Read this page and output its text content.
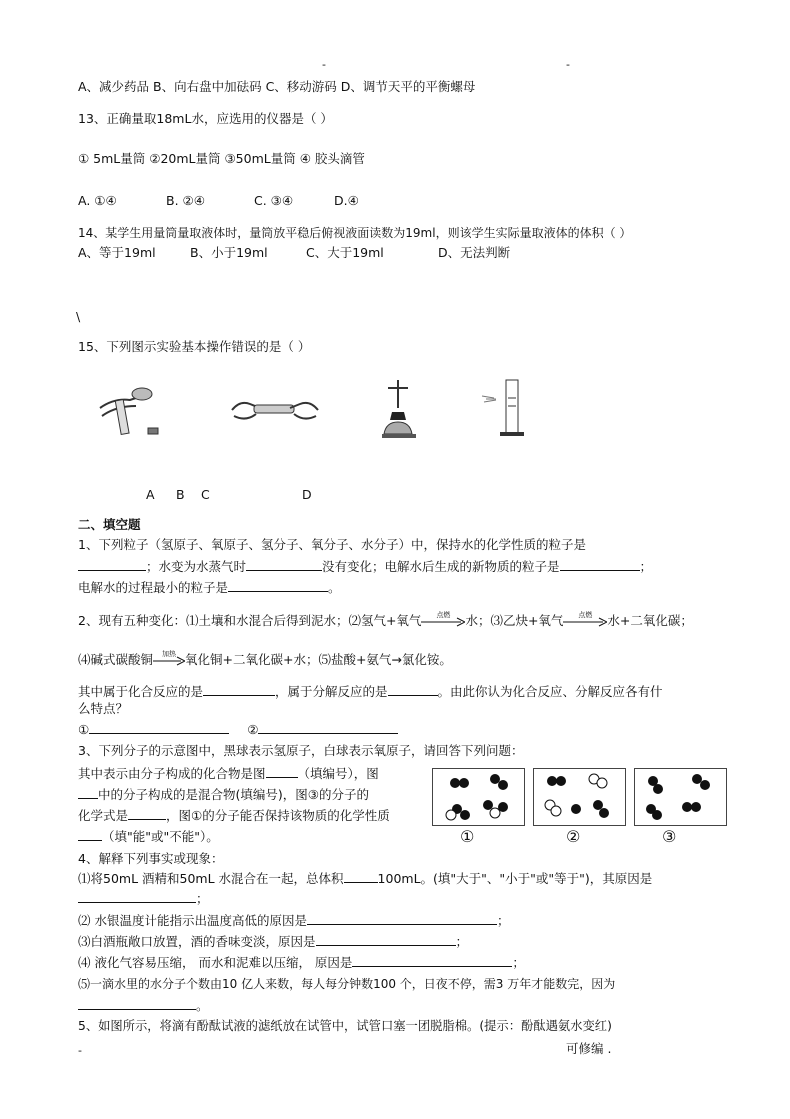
-	-
A、减少药品 B、向右盘中加砝码 C、移动游码 D、调节天平的平衡螺母
13、正确量取18mL水，应选用的仪器是（ ）
① 5mL量筒 ②20mL量筒 ③50mL量筒 ④ 胶头滴管
A. ①④	B. ②④	C. ③④	D.④
14、某学生用量筒量取液体时，量筒放平稳后俯视液面读数为19ml，则该学生实际量取液体的体积（ ）
A、等于19ml	B、小于19ml	C、大于19ml	D、无法判断
\
15、下列图示实验基本操作错误的是（ ）
A B C	D
二、填空题
1、下列粒子（氢原子、氧原子、氢分子、氧分子、水分子）中，保持水的化学性质的粒子是
；水变为水蒸气时	没有变化；电解水后生成的新物质的粒子是	；
电解水的过程最小的粒子是	。
2、现有五种变化：⑴土壤和水混合后得到泥水；⑵氢气+氧气	点燃	水；⑶乙炔+氧气	点燃	水+二氧化碳；
⑷碱式碳酸铜	加热 氧化铜+二氧化碳+水；⑸盐酸+氨气→氯化铵。
其中属于化合反应的是	，属于分解反应的是	。由此你认为化合反应、分解反应各有什
么特点？
①	②
3、下列分子的示意图中，黑球表示氢原子，白球表示氧原子，请回答下列问题：
其中表示由分子构成的化合物是图	（填编号），图
中的分子构成的是混合物(填编号)，图③的分子的
化学式是	，图①的分子能否保持该物质的化学性质
（填"能"或"不能"）。	①	②	③
4、解释下列事实或现象：
⑴将50mL 酒精和50mL 水混合在一起，总体积	100mL。(填"大于"、"小于"或"等于")，其原因是
；
⑵ 水银温度计能指示出温度高低的原因是	；
⑶白酒瓶敞口放置，酒的香味变淡，原因是	；
⑷ 液化气容易压缩， 而水和泥难以压缩， 原因是	；
⑸一滴水里的水分子个数由10 亿人来数，每人每分钟数100 个，日夜不停，需3 万年才能数完，因为
。
5、如图所示，将滴有酚酞试液的滤纸放在试管中，试管口塞一团脱脂棉。(提示：酚酞遇氨水变红)
-	可修编 .
